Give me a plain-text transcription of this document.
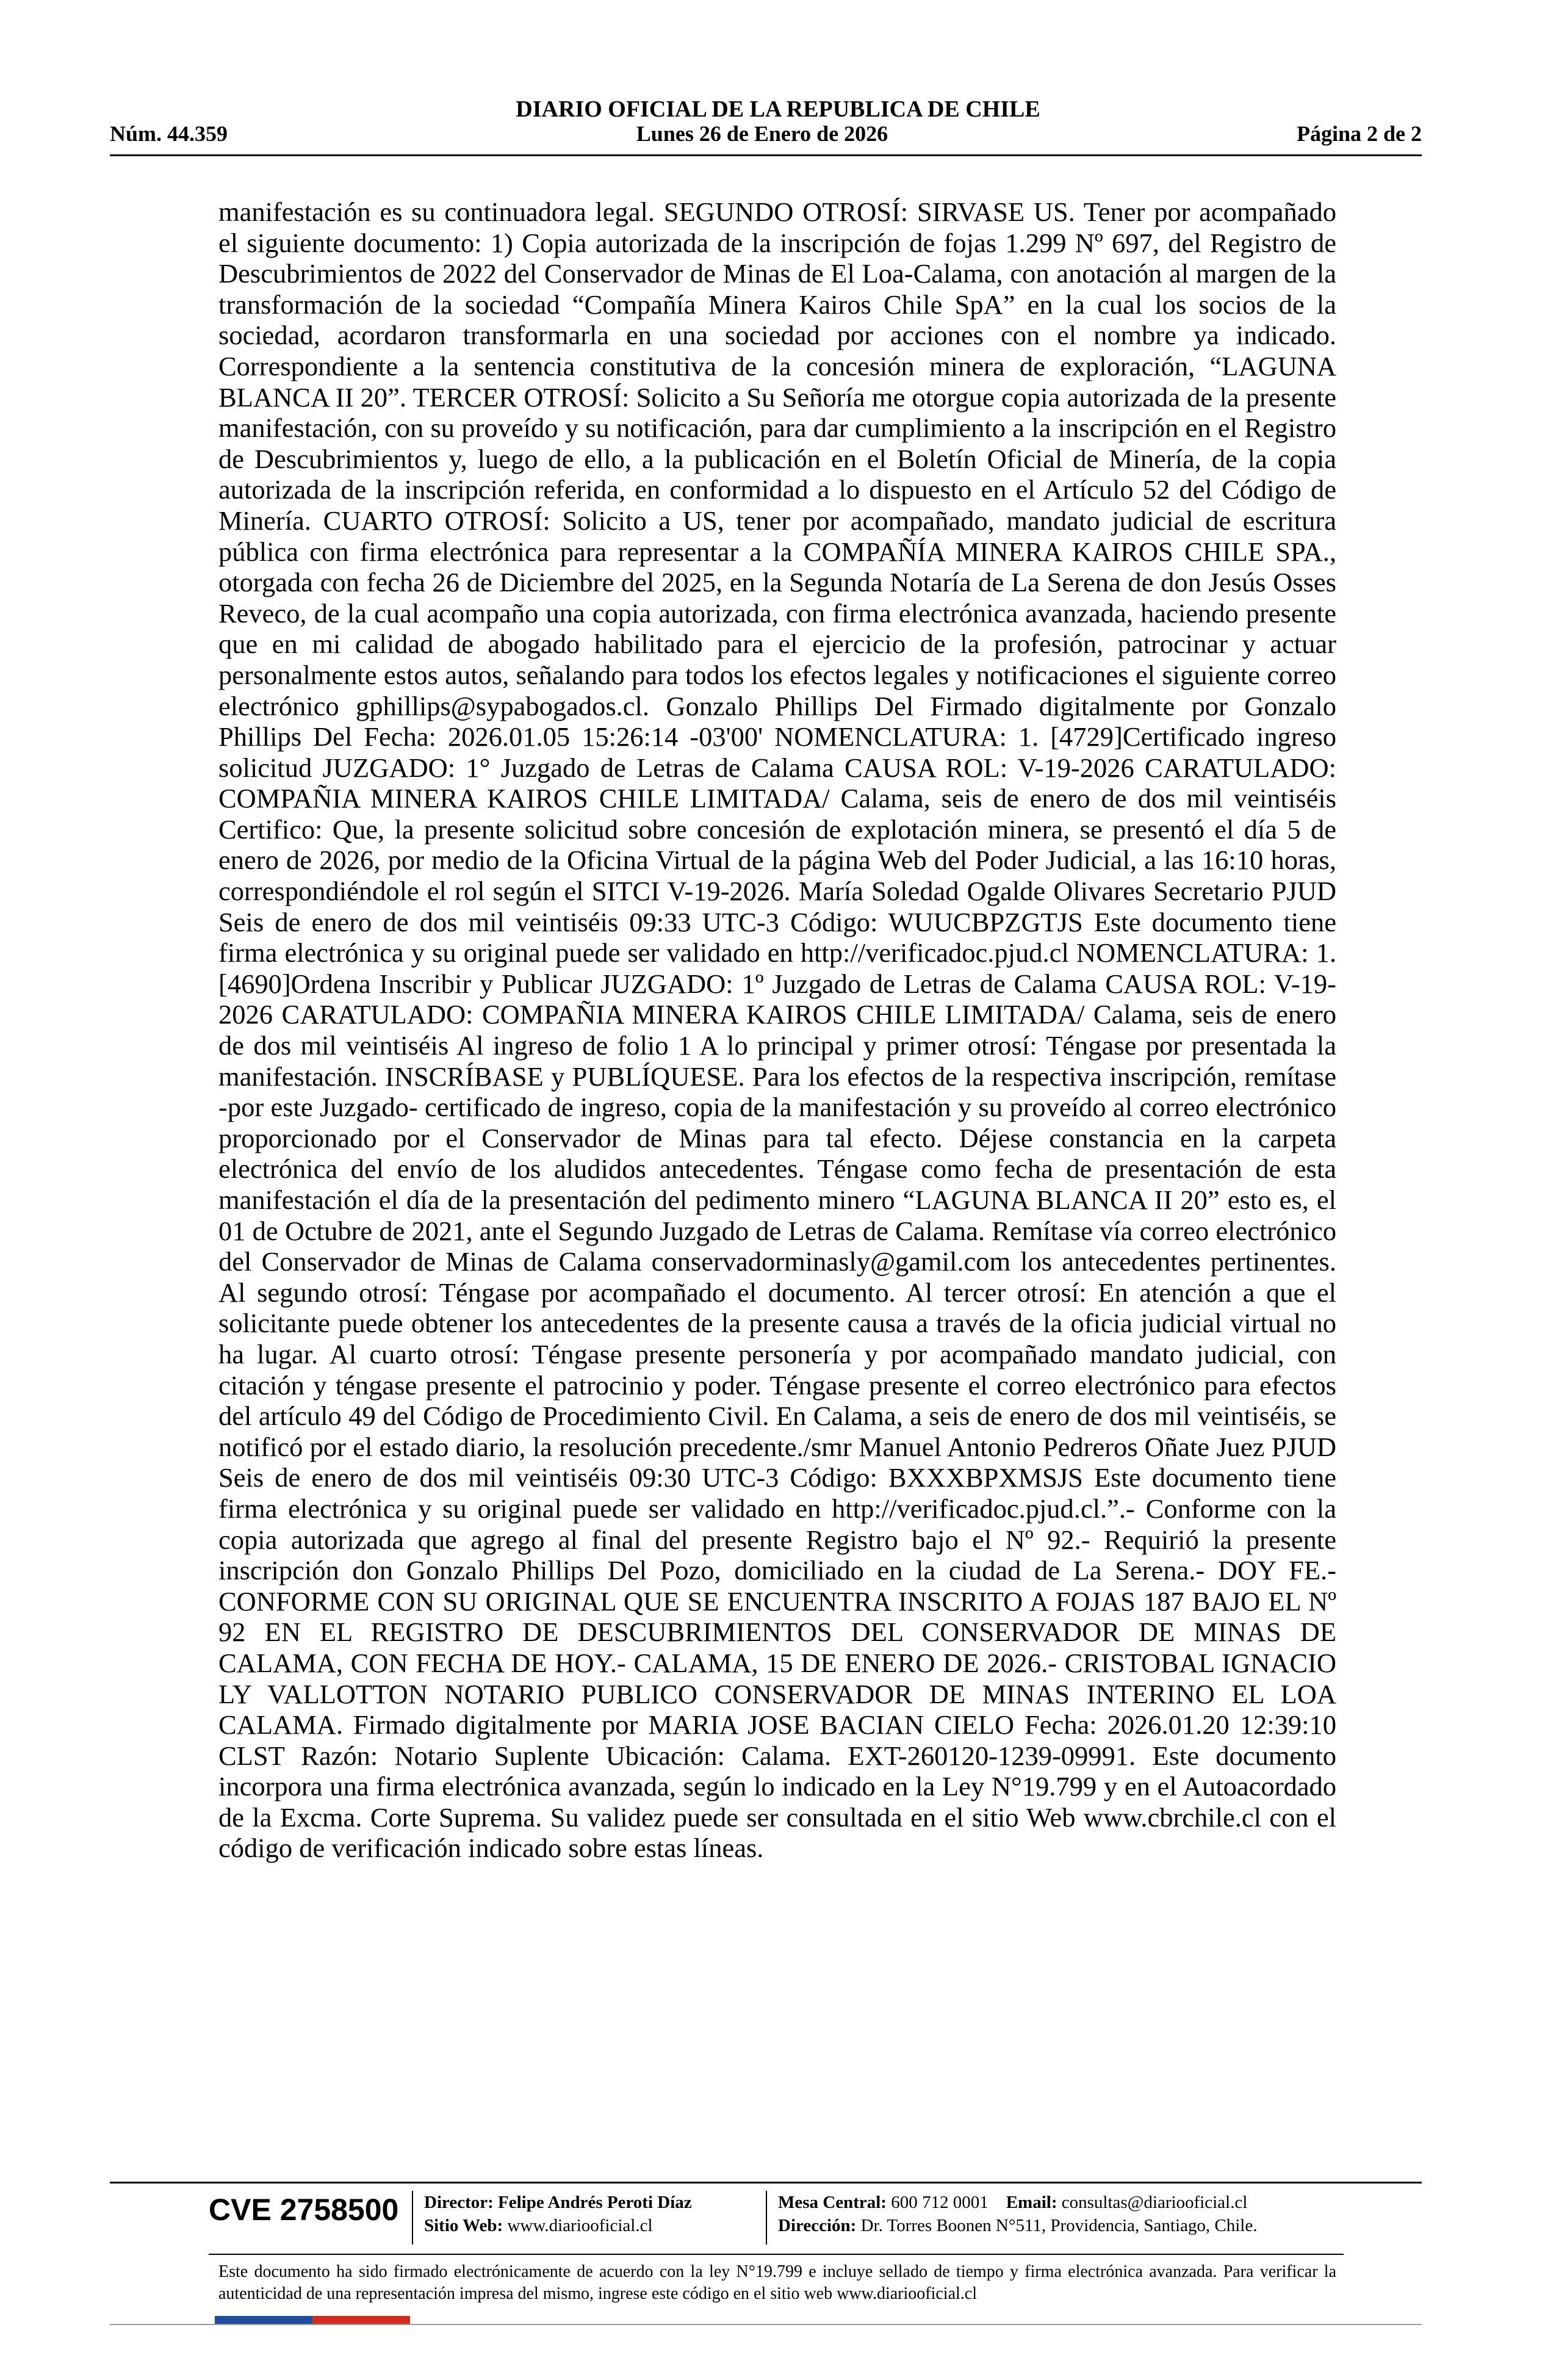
DIARIO OFICIAL DE LA REPUBLICA DE CHILE
Núm. 44.359	Lunes 26 de Enero de 2026	Página 2 de 2

manifestación es su continuadora legal. SEGUNDO OTROSÍ: SIRVASE US. Tener por acompañado el siguiente documento: 1) Copia autorizada de la inscripción de fojas 1.299 Nº 697, del Registro de Descubrimientos de 2022 del Conservador de Minas de El Loa-Calama, con anotación al margen de la transformación de la sociedad “Compañía Minera Kairos Chile SpA” en la cual los socios de la sociedad, acordaron transformarla en una sociedad por acciones con el nombre ya indicado. Correspondiente a la sentencia constitutiva de la concesión minera de exploración, “LAGUNA BLANCA II 20”. TERCER OTROSÍ: Solicito a Su Señoría me otorgue copia autorizada de la presente manifestación, con su proveído y su notificación, para dar cumplimiento a la inscripción en el Registro de Descubrimientos y, luego de ello, a la publicación en el Boletín Oficial de Minería, de la copia autorizada de la inscripción referida, en conformidad a lo dispuesto en el Artículo 52 del Código de Minería. CUARTO OTROSÍ: Solicito a US, tener por acompañado, mandato judicial de escritura pública con firma electrónica para representar a la COMPAÑÍA MINERA KAIROS CHILE SPA., otorgada con fecha 26 de Diciembre del 2025, en la Segunda Notaría de La Serena de don Jesús Osses Reveco, de la cual acompaño una copia autorizada, con firma electrónica avanzada, haciendo presente que en mi calidad de abogado habilitado para el ejercicio de la profesión, patrocinar y actuar personalmente estos autos, señalando para todos los efectos legales y notificaciones el siguiente correo electrónico gphillips@sypabogados.cl. Gonzalo Phillips Del Firmado digitalmente por Gonzalo Phillips Del Fecha: 2026.01.05 15:26:14 -03'00' NOMENCLATURA: 1. [4729]Certificado ingreso solicitud JUZGADO: 1° Juzgado de Letras de Calama CAUSA ROL: V-19-2026 CARATULADO: COMPAÑIA MINERA KAIROS CHILE LIMITADA/ Calama, seis de enero de dos mil veintiséis Certifico: Que, la presente solicitud sobre concesión de explotación minera, se presentó el día 5 de enero de 2026, por medio de la Oficina Virtual de la página Web del Poder Judicial, a las 16:10 horas, correspondiéndole el rol según el SITCI V-19-2026. María Soledad Ogalde Olivares Secretario PJUD Seis de enero de dos mil veintiséis 09:33 UTC-3 Código: WUUCBPZGTJS Este documento tiene firma electrónica y su original puede ser validado en http://verificadoc.pjud.cl NOMENCLATURA: 1. [4690]Ordena Inscribir y Publicar JUZGADO: 1º Juzgado de Letras de Calama CAUSA ROL: V-19-2026 CARATULADO: COMPAÑIA MINERA KAIROS CHILE LIMITADA/ Calama, seis de enero de dos mil veintiséis Al ingreso de folio 1 A lo principal y primer otrosí: Téngase por presentada la manifestación. INSCRÍBASE y PUBLÍQUESE. Para los efectos de la respectiva inscripción, remítase -por este Juzgado- certificado de ingreso, copia de la manifestación y su proveído al correo electrónico proporcionado por el Conservador de Minas para tal efecto. Déjese constancia en la carpeta electrónica del envío de los aludidos antecedentes. Téngase como fecha de presentación de esta manifestación el día de la presentación del pedimento minero “LAGUNA BLANCA II 20” esto es, el 01 de Octubre de 2021, ante el Segundo Juzgado de Letras de Calama. Remítase vía correo electrónico del Conservador de Minas de Calama conservadorminasly@gamil.com los antecedentes pertinentes. Al segundo otrosí: Téngase por acompañado el documento. Al tercer otrosí: En atención a que el solicitante puede obtener los antecedentes de la presente causa a través de la oficia judicial virtual no ha lugar. Al cuarto otrosí: Téngase presente personería y por acompañado mandato judicial, con citación y téngase presente el patrocinio y poder. Téngase presente el correo electrónico para efectos del artículo 49 del Código de Procedimiento Civil. En Calama, a seis de enero de dos mil veintiséis, se notificó por el estado diario, la resolución precedente./smr Manuel Antonio Pedreros Oñate Juez PJUD Seis de enero de dos mil veintiséis 09:30 UTC-3 Código: BXXXBPXMSJS Este documento tiene firma electrónica y su original puede ser validado en http://verificadoc.pjud.cl.”.- Conforme con la copia autorizada que agrego al final del presente Registro bajo el Nº 92.- Requirió la presente inscripción don Gonzalo Phillips Del Pozo, domiciliado en la ciudad de La Serena.- DOY FE.- CONFORME CON SU ORIGINAL QUE SE ENCUENTRA INSCRITO A FOJAS 187 BAJO EL Nº 92 EN EL REGISTRO DE DESCUBRIMIENTOS DEL CONSERVADOR DE MINAS DE CALAMA, CON FECHA DE HOY.- CALAMA, 15 DE ENERO DE 2026.- CRISTOBAL IGNACIO LY VALLOTTON NOTARIO PUBLICO CONSERVADOR DE MINAS INTERINO EL LOA CALAMA. Firmado digitalmente por MARIA JOSE BACIAN CIELO Fecha: 2026.01.20 12:39:10 CLST Razón: Notario Suplente Ubicación: Calama. EXT-260120-1239-09991. Este documento incorpora una firma electrónica avanzada, según lo indicado en la Ley N°19.799 y en el Autoacordado de la Excma. Corte Suprema. Su validez puede ser consultada en el sitio Web www.cbrchile.cl con el código de verificación indicado sobre estas líneas.

CVE 2758500 Director: Felipe Andrés Peroti Díaz
Sitio Web: www.diariooficial.cl
Mesa Central: 600 712 0001 Email: consultas@diariooficial.cl
Dirección: Dr. Torres Boonen N°511, Providencia, Santiago, Chile.
Este documento ha sido firmado electrónicamente de acuerdo con la ley N°19.799 e incluye sellado de tiempo y firma electrónica avanzada. Para verificar la autenticidad de una representación impresa del mismo, ingrese este código en el sitio web www.diariooficial.cl
